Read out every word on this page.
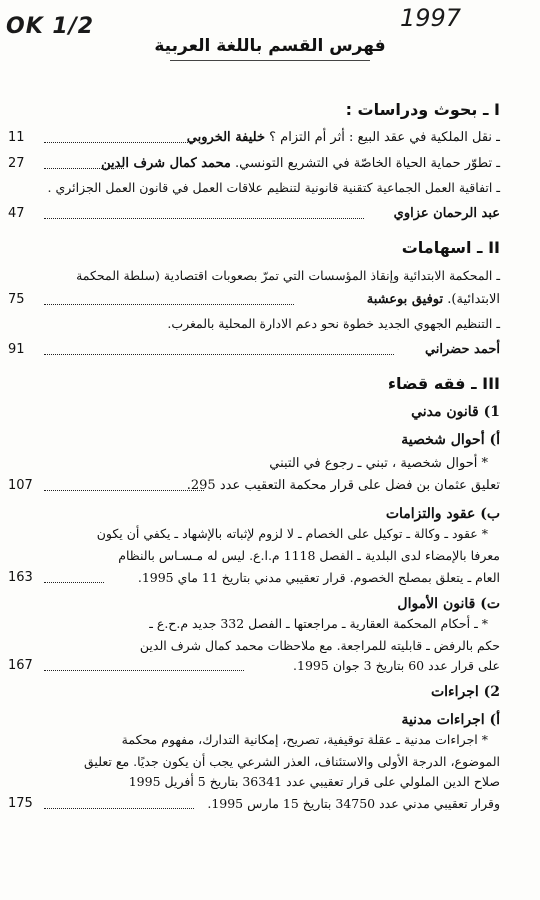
OK 1/2	1997
فهرس القسم باللغة العربية
I ـ بحوث ودراسات :
ـ نقل الملكية في عقد البيع : أثر أم التزام ؟ خليفة الخروبي
11
ـ تطوّر حماية الحياة الخاصّة في التشريع التونسي. محمد كمال شرف الدين
27
ـ اتفاقية العمل الجماعية كتقنية قانونية لتنظيم علاقات العمل في قانون العمل الجزائري .
عبد الرحمان عزاوي
47
II ـ اسهامات
ـ المحكمة الابتدائية وإنقاذ المؤسسات التي تمرّ بصعوبات اقتصادية (سلطة المحكمة
الابتدائية). توفيق بوعشبة
75
ـ التنظيم الجهوي الجديد خطوة نحو دعم الادارة المحلية بالمغرب.
أحمد حضراني
91
III ـ فقه قضاء
1) قانون مدني
أ) أحوال شخصية
* أحوال شخصية ، تبني ـ رجوع في التبني
تعليق عثمان بن فضل على قرار محكمة التعقيب عدد 295.
107
ب) عقود والتزامات
* عقود ـ وكالة ـ توكيل على الخصام ـ لا لزوم لإثباته بالإشهاد ـ يكفي أن يكون
معرفا بالإمضاء لدى البلدية ـ الفصل 1118 م.ا.ع. ليس له مـسـاس بالنظام
العام ـ يتعلق بمصلح الخصوم. قرار تعقيبي مدني بتاريخ 11 ماي 1995.
163
ت) قانون الأموال
* ـ أحكام المحكمة العقارية ـ مراجعتها ـ الفصل 332 جديد م.ح.ع ـ
حكم بالرفض ـ قابليته للمراجعة. مع ملاحظات محمد كمال شرف الدين
على قرار عدد 60 بتاريخ 3 جوان 1995.
167
2) اجراءات
أ) اجراءات مدنية
* اجراءات مدنية ـ عقلة توقيفية، تصريح، إمكانية التدارك، مفهوم محكمة
الموضوع، الدرجة الأولى والاستئناف، العذر الشرعي يجب أن يكون جديًا. مع تعليق
صلاح الدين الملولي على قرار تعقيبي عدد 36341 بتاريخ 5 أفريل 1995
وقرار تعقيبي مدني عدد 34750 بتاريخ 15 مارس 1995.
175
